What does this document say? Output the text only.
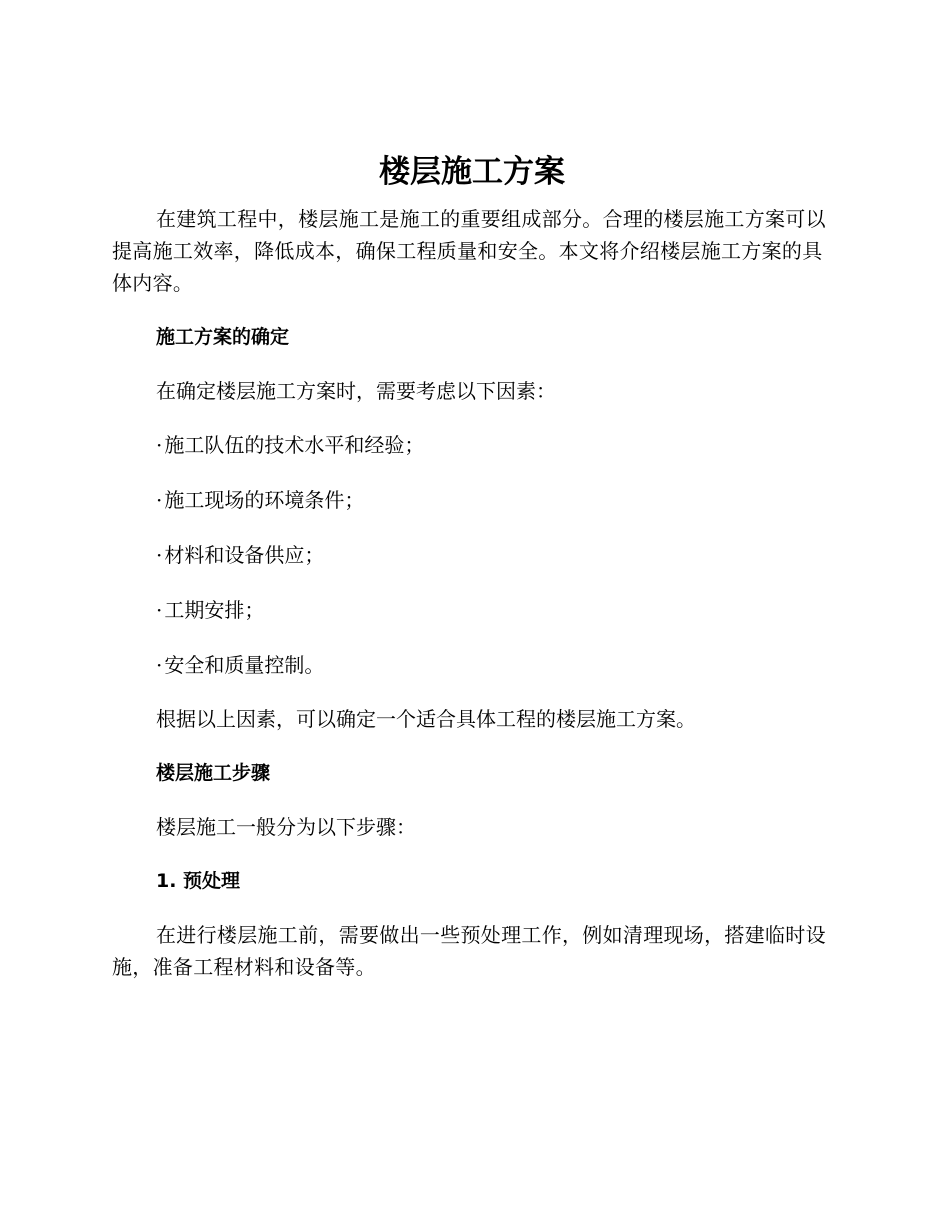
楼层施工方案

在建筑工程中，楼层施工是施工的重要组成部分。合理的楼层施工方案可以提高施工效率，降低成本，确保工程质量和安全。本文将介绍楼层施工方案的具体内容。

施工方案的确定

在确定楼层施工方案时，需要考虑以下因素：

· 施工队伍的技术水平和经验；
· 施工现场的环境条件；
· 材料和设备供应；
· 工期安排；
· 安全和质量控制。

根据以上因素，可以确定一个适合具体工程的楼层施工方案。

楼层施工步骤

楼层施工一般分为以下步骤：

1. 预处理

在进行楼层施工前，需要做出一些预处理工作，例如清理现场，搭建临时设施，准备工程材料和设备等。
